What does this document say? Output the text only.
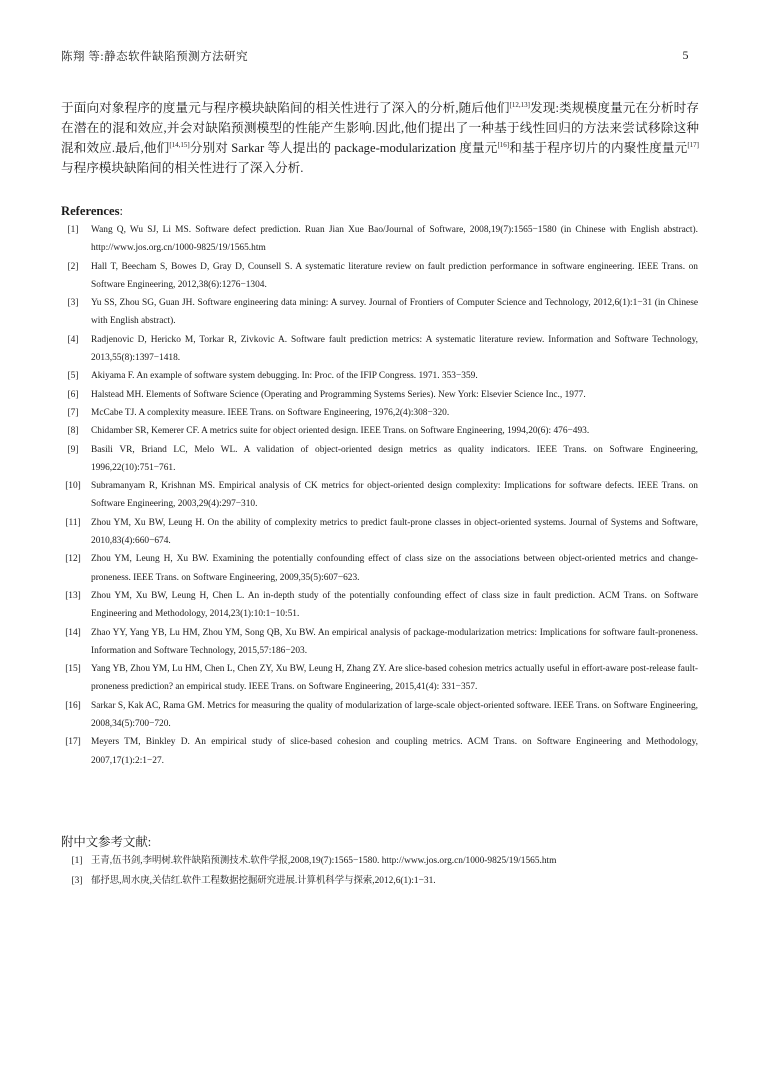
陈翔 等:静态软件缺陷预测方法研究	5
于面向对象程序的度量元与程序模块缺陷间的相关性进行了深入的分析,随后他们[12,13]发现:类规模度量元在分析时存在潜在的混和效应,并会对缺陷预测模型的性能产生影响.因此,他们提出了一种基于线性回归的方法来尝试移除这种混和效应.最后,他们[14,15]分别对 Sarkar 等人提出的 package-modularization 度量元[16]和基于程序切片的内聚性度量元[17]与程序模块缺陷间的相关性进行了深入分析.
References:
[1]	Wang Q, Wu SJ, Li MS. Software defect prediction. Ruan Jian Xue Bao/Journal of Software, 2008,19(7):1565−1580 (in Chinese with English abstract). http://www.jos.org.cn/1000-9825/19/1565.htm
[2]	Hall T, Beecham S, Bowes D, Gray D, Counsell S. A systematic literature review on fault prediction performance in software engineering. IEEE Trans. on Software Engineering, 2012,38(6):1276−1304.
[3]	Yu SS, Zhou SG, Guan JH. Software engineering data mining: A survey. Journal of Frontiers of Computer Science and Technology, 2012,6(1):1−31 (in Chinese with English abstract).
[4]	Radjenovic D, Hericko M, Torkar R, Zivkovic A. Software fault prediction metrics: A systematic literature review. Information and Software Technology, 2013,55(8):1397−1418.
[5]	Akiyama F. An example of software system debugging. In: Proc. of the IFIP Congress. 1971. 353−359.
[6]	Halstead MH. Elements of Software Science (Operating and Programming Systems Series). New York: Elsevier Science Inc., 1977.
[7]	McCabe TJ. A complexity measure. IEEE Trans. on Software Engineering, 1976,2(4):308−320.
[8]	Chidamber SR, Kemerer CF. A metrics suite for object oriented design. IEEE Trans. on Software Engineering, 1994,20(6): 476−493.
[9]	Basili VR, Briand LC, Melo WL. A validation of object-oriented design metrics as quality indicators. IEEE Trans. on Software Engineering, 1996,22(10):751−761.
[10]	Subramanyam R, Krishnan MS. Empirical analysis of CK metrics for object-oriented design complexity: Implications for software defects. IEEE Trans. on Software Engineering, 2003,29(4):297−310.
[11]	Zhou YM, Xu BW, Leung H. On the ability of complexity metrics to predict fault-prone classes in object-oriented systems. Journal of Systems and Software, 2010,83(4):660−674.
[12]	Zhou YM, Leung H, Xu BW. Examining the potentially confounding effect of class size on the associations between object-oriented metrics and change-proneness. IEEE Trans. on Software Engineering, 2009,35(5):607−623.
[13]	Zhou YM, Xu BW, Leung H, Chen L. An in-depth study of the potentially confounding effect of class size in fault prediction. ACM Trans. on Software Engineering and Methodology, 2014,23(1):10:1−10:51.
[14]	Zhao YY, Yang YB, Lu HM, Zhou YM, Song QB, Xu BW. An empirical analysis of package-modularization metrics: Implications for software fault-proneness. Information and Software Technology, 2015,57:186−203.
[15]	Yang YB, Zhou YM, Lu HM, Chen L, Chen ZY, Xu BW, Leung H, Zhang ZY. Are slice-based cohesion metrics actually useful in effort-aware post-release fault-proneness prediction? an empirical study. IEEE Trans. on Software Engineering, 2015,41(4): 331−357.
[16]	Sarkar S, Kak AC, Rama GM. Metrics for measuring the quality of modularization of large-scale object-oriented software. IEEE Trans. on Software Engineering, 2008,34(5):700−720.
[17]	Meyers TM, Binkley D. An empirical study of slice-based cohesion and coupling metrics. ACM Trans. on Software Engineering and Methodology, 2007,17(1):2:1−27.
附中文参考文献:
[1] 王青,伍书剑,李明树.软件缺陷预测技术.软件学报,2008,19(7):1565−1580. http://www.jos.org.cn/1000-9825/19/1565.htm
[3] 郁抒思,周水庚,关佶红.软件工程数据挖掘研究进展.计算机科学与探索,2012,6(1):1−31.
